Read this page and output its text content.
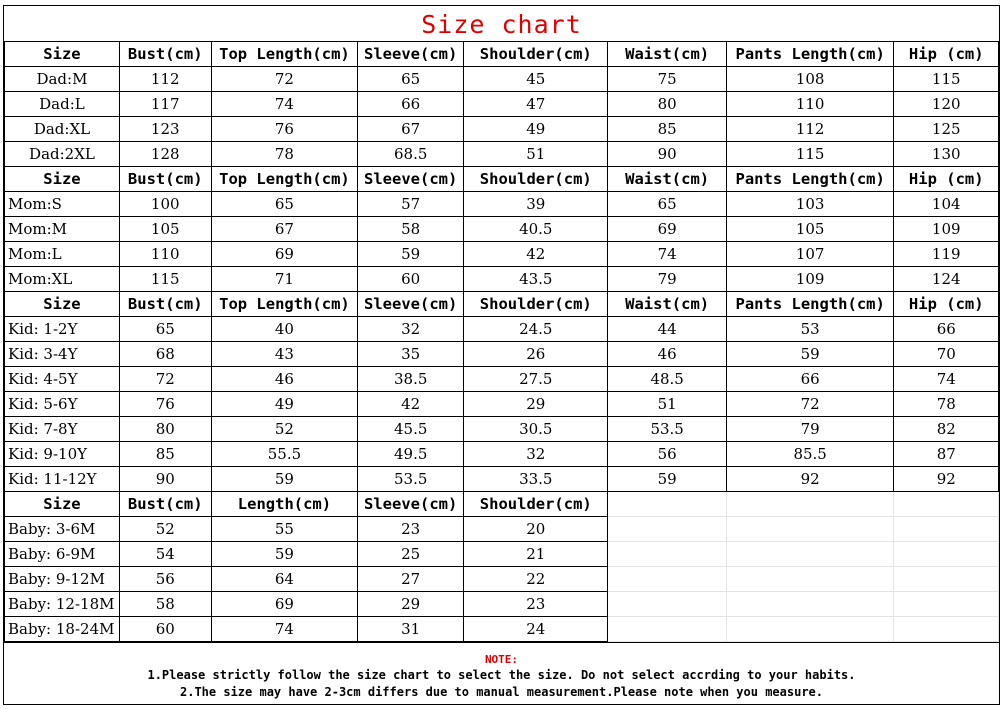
Size chart
Size	Bust(cm)	Top Length(cm)	Sleeve(cm)	Shoulder(cm)	Waist(cm)	Pants Length(cm)	Hip (cm)
Dad:M	112	72	65	45	75	108	115
Dad:L	117	74	66	47	80	110	120
Dad:XL	123	76	67	49	85	112	125
Dad:2XL	128	78	68.5	51	90	115	130
Size	Bust(cm)	Top Length(cm)	Sleeve(cm)	Shoulder(cm)	Waist(cm)	Pants Length(cm)	Hip (cm)
Mom:S	100	65	57	39	65	103	104
Mom:M	105	67	58	40.5	69	105	109
Mom:L	110	69	59	42	74	107	119
Mom:XL	115	71	60	43.5	79	109	124
Size	Bust(cm)	Top Length(cm)	Sleeve(cm)	Shoulder(cm)	Waist(cm)	Pants Length(cm)	Hip (cm)
Kid: 1-2Y	65	40	32	24.5	44	53	66
Kid: 3-4Y	68	43	35	26	46	59	70
Kid: 4-5Y	72	46	38.5	27.5	48.5	66	74
Kid: 5-6Y	76	49	42	29	51	72	78
Kid: 7-8Y	80	52	45.5	30.5	53.5	79	82
Kid: 9-10Y	85	55.5	49.5	32	56	85.5	87
Kid: 11-12Y	90	59	53.5	33.5	59	92	92
Size	Bust(cm)	Length(cm)	Sleeve(cm)	Shoulder(cm)			
Baby: 3-6M	52	55	23	20			
Baby: 6-9M	54	59	25	21			
Baby: 9-12M	56	64	27	22			
Baby: 12-18M	58	69	29	23			
Baby: 18-24M	60	74	31	24			
NOTE:
1.Please strictly follow the size chart to select the size. Do not select accrding to your habits.
2.The size may have 2-3cm differs due to manual measurement.Please note when you measure.
